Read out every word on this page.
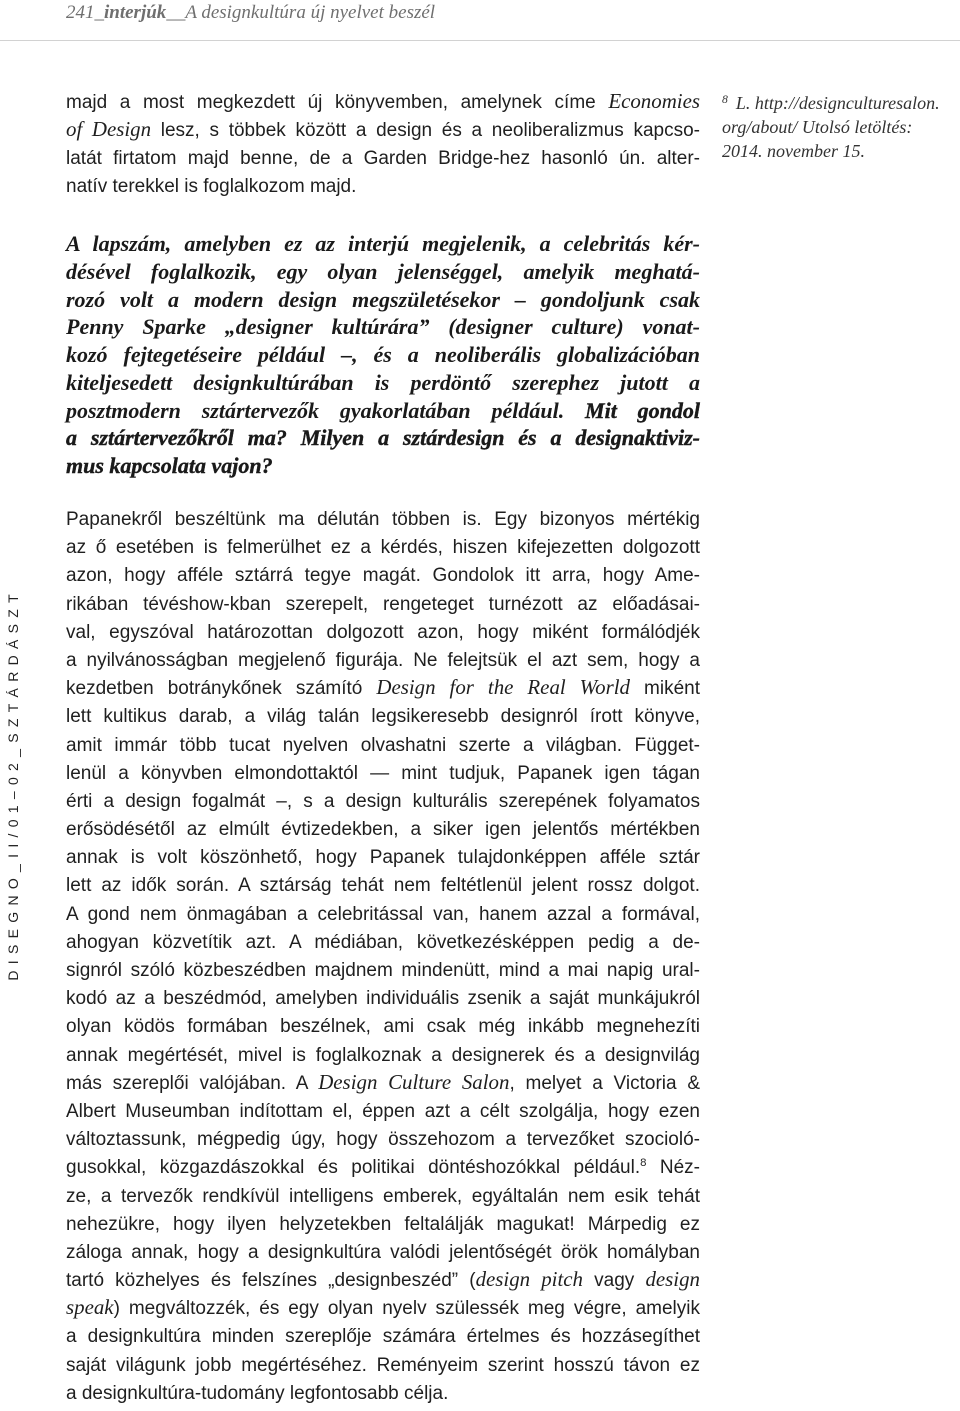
241_interjúk__A designkultúra új nyelvet beszél
majd a most megkezdett új könyvemben, amelynek címe Economies
of Design lesz, s többek között a design és a neoliberalizmus kapcso-
latát firtatom majd benne, de a Garden Bridge-hez hasonló ún. alter-
natív terekkel is foglalkozom majd.
$^8$ L. http://designculturesalon.
org/about/ Utolsó letöltés:
2014. november 15.
A lapszám, amelyben ez az interjú megjelenik, a celebritás kér-
désével foglalkozik, egy olyan jelenséggel, amelyik meghatá-
rozó volt a modern design megszületésekor – gondoljunk csak
Penny Sparke „designer kultúrára” (designer culture) vonat-
kozó fejtegetéseire például –, és a neoliberális globalizációban
kiteljesedett designkultúrában is perdöntő szerephez jutott a
posztmodern sztártervezők gyakorlatában például. Mit gondol
a sztártervezőkről ma? Milyen a sztárdesign és a designaktiviz-
mus kapcsolata vajon?
Papanekről beszéltünk ma délután többen is. Egy bizonyos mértékig
az ő esetében is felmerülhet ez a kérdés, hiszen kifejezetten dolgozott
azon, hogy afféle sztárrá tegye magát. Gondolok itt arra, hogy Ame-
rikában tévéshow-kban szerepelt, rengeteget turnézott az előadásai-
val, egyszóval határozottan dolgozott azon, hogy miként formálódjék
a nyilvánosságban megjelenő figurája. Ne felejtsük el azt sem, hogy a
kezdetben botránykőnek számító Design for the Real World miként
lett kultikus darab, a világ talán legsikeresebb designról írott könyve,
amit immár több tucat nyelven olvashatni szerte a világban. Függet-
lenül a könyvben elmondottaktól — mint tudjuk, Papanek igen tágan
érti a design fogalmát –, s a design kulturális szerepének folyamatos
erősödésétől az elmúlt évtizedekben, a siker igen jelentős mértékben
annak is volt köszönhető, hogy Papanek tulajdonképpen afféle sztár
lett az idők során. A sztárság tehát nem feltétlenül jelent rossz dolgot.
A gond nem önmagában a celebritással van, hanem azzal a formával,
ahogyan közvetítik azt. A médiában, következésképpen pedig a de-
signról szóló közbeszédben majdnem mindenütt, mind a mai napig ural-
kodó az a beszédmód, amelyben individuális zsenik a saját munkájukról
olyan ködös formában beszélnek, ami csak még inkább megnehezíti
annak megértését, mivel is foglalkoznak a designerek és a designvilág
más szereplői valójában. A Design Culture Salon, melyet a Victoria &
Albert Museumban indítottam el, éppen azt a célt szolgálja, hogy ezen
változtassunk, mégpedig úgy, hogy összehozom a tervezőket szocioló-
gusokkal, közgazdászokkal és politikai döntéshozókkal például.$^8$ Néz-
ze, a tervezők rendkívül intelligens emberek, egyáltalán nem esik tehát
nehezükre, hogy ilyen helyzetekben feltalálják magukat! Márpedig ez
záloga annak, hogy a designkultúra valódi jelentőségét örök homályban
tartó közhelyes és felszínes „designbeszéd” (design pitch vagy design
speak) megváltozzék, és egy olyan nyelv szülessék meg végre, amelyik
a designkultúra minden szereplője számára értelmes és hozzásegíthet
saját világunk jobb megértéséhez. Reményeim szerint hosszú távon ez
a designkultúra-tudomány legfontosabb célja.
DISEGNO_II/01–02_SZTÁRDÁSZT
